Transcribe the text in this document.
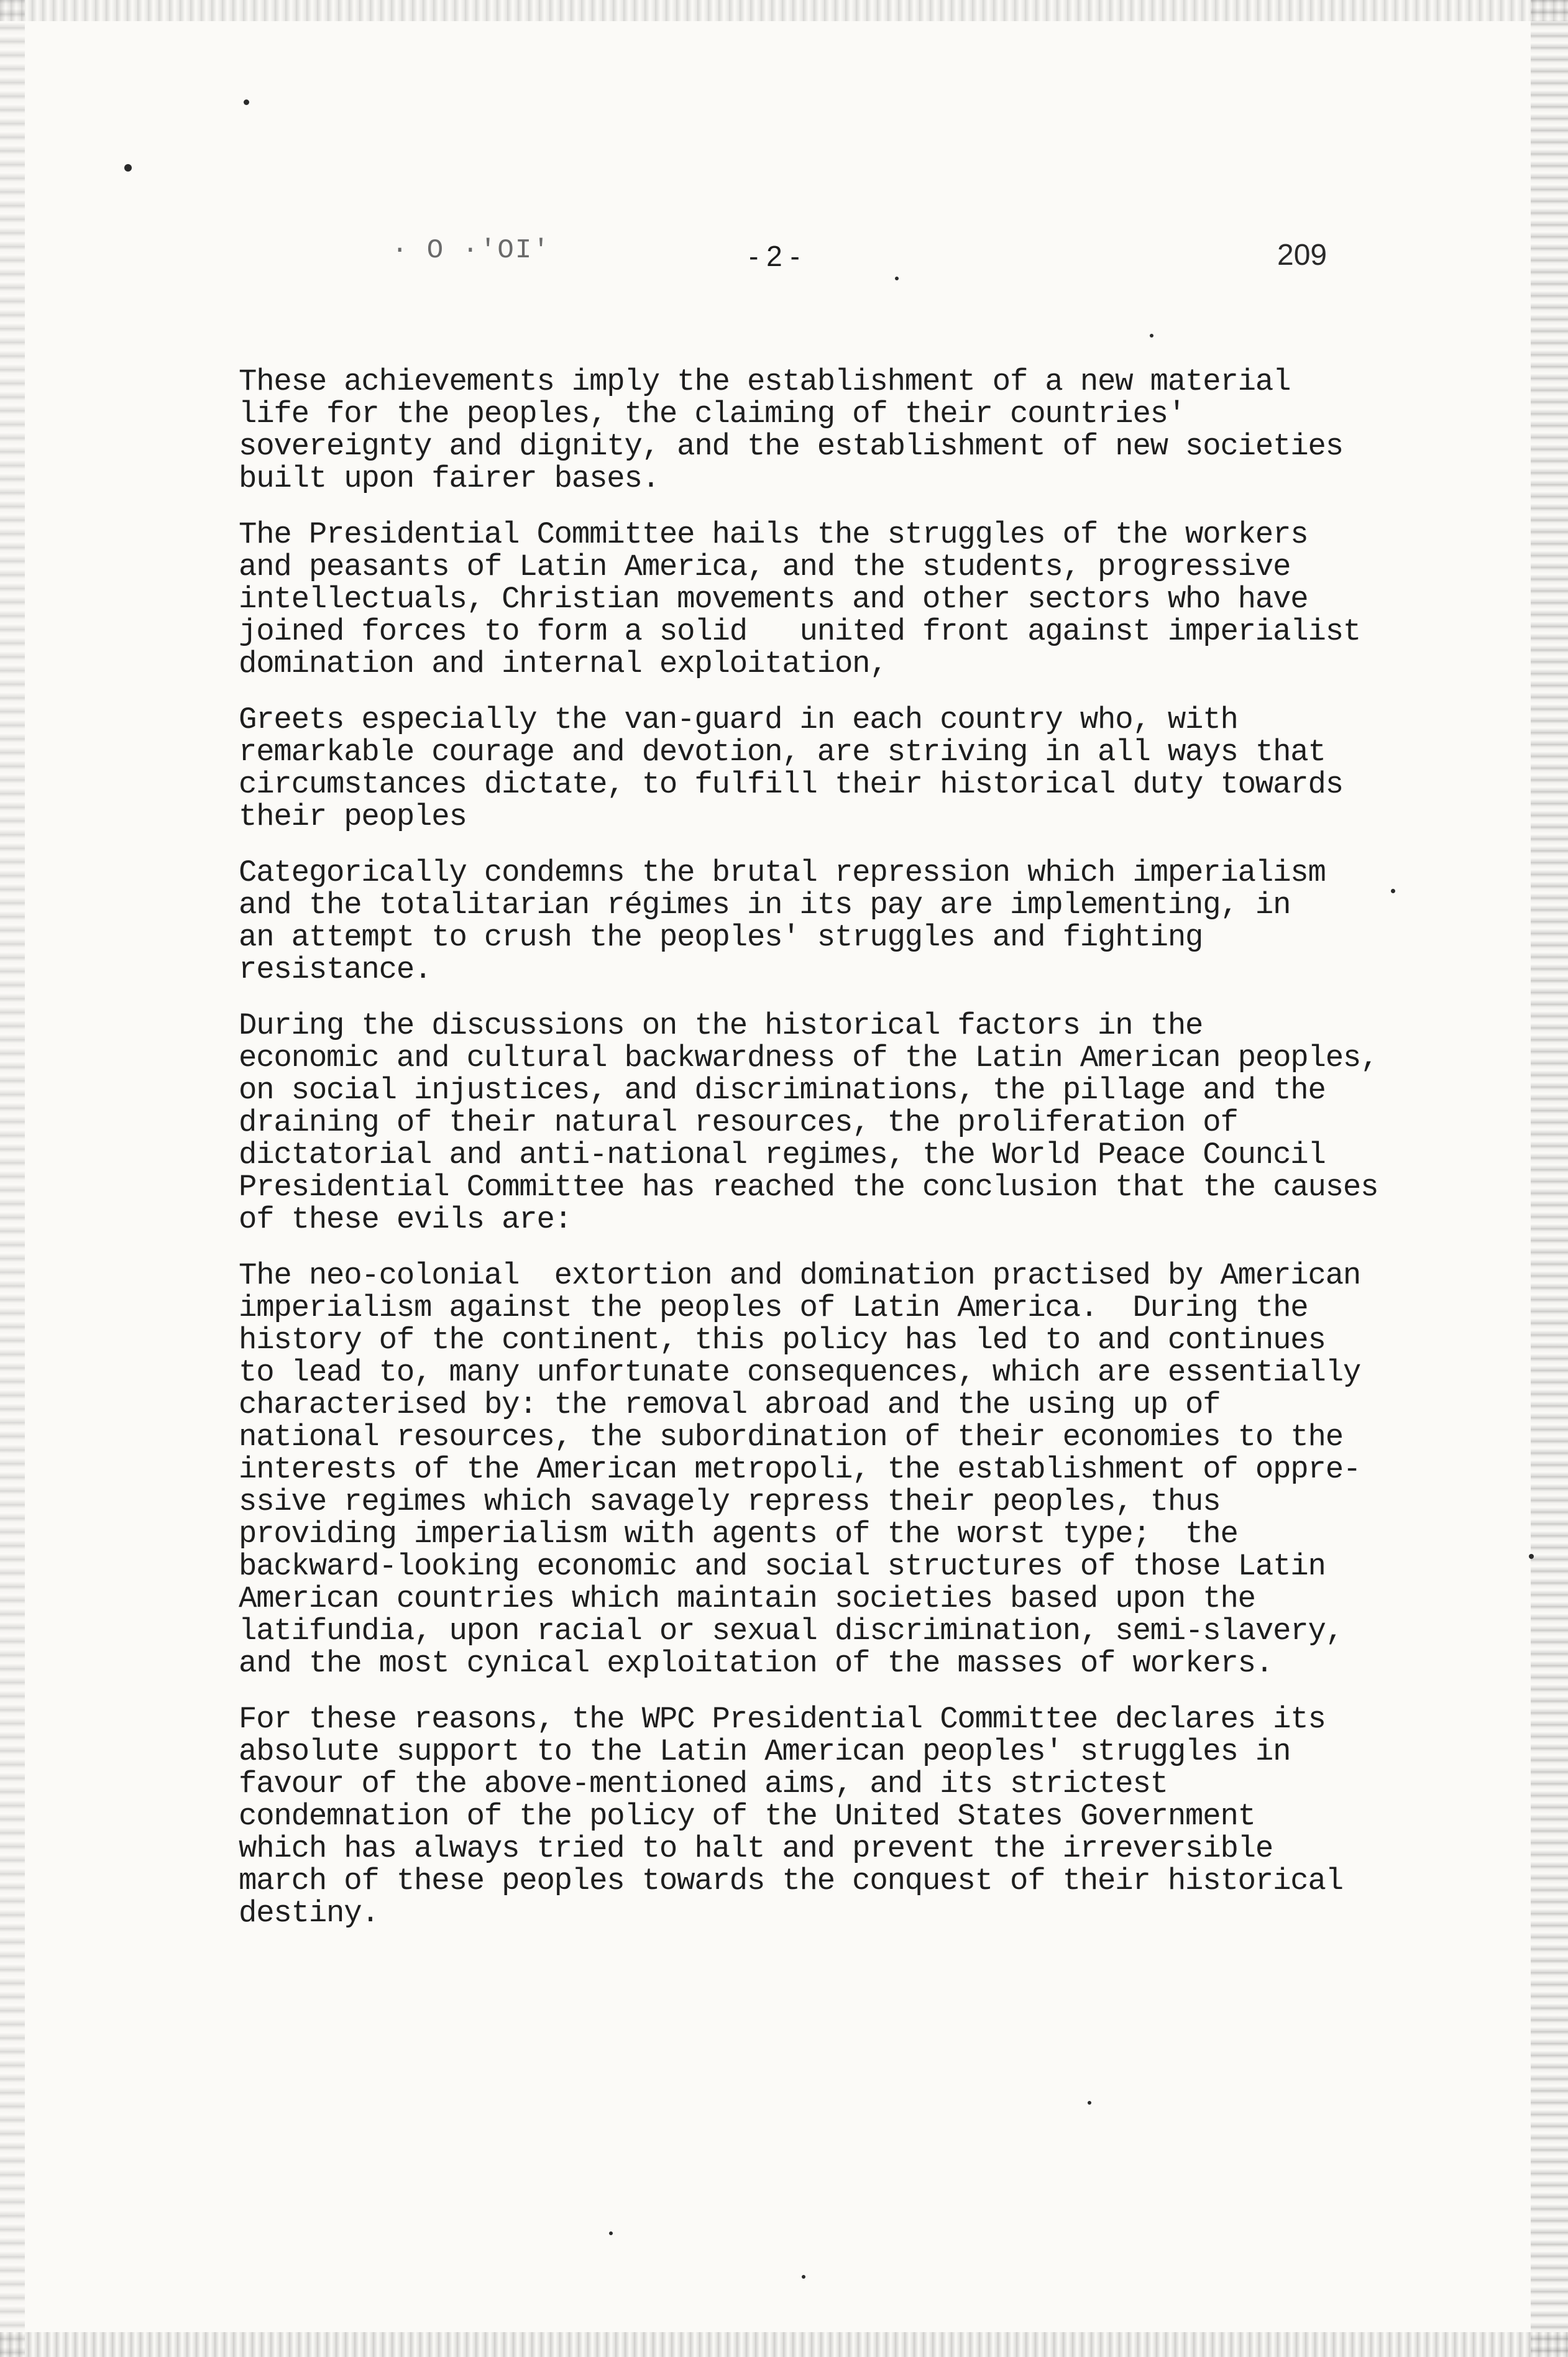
· O ·'OI'	- 2 -	209
These achievements imply the establishment of a new material
life for the peoples, the claiming of their countries'
sovereignty and dignity, and the establishment of new societies
built upon fairer bases.
The Presidential Committee hails the struggles of the workers
and peasants of Latin America, and the students, progressive
intellectuals, Christian movements and other sectors who have
joined forces to form a solid   united front against imperialist
domination and internal exploitation,
Greets especially the van-guard in each country who, with
remarkable courage and devotion, are striving in all ways that
circumstances dictate, to fulfill their historical duty towards
their peoples
Categorically condemns the brutal repression which imperialism
and the totalitarian régimes in its pay are implementing, in
an attempt to crush the peoples' struggles and fighting
resistance.
During the discussions on the historical factors in the
economic and cultural backwardness of the Latin American peoples,
on social injustices, and discriminations, the pillage and the
draining of their natural resources, the proliferation of
dictatorial and anti-national regimes, the World Peace Council
Presidential Committee has reached the conclusion that the causes
of these evils are:
The neo-colonial  extortion and domination practised by American
imperialism against the peoples of Latin America.  During the
history of the continent, this policy has led to and continues
to lead to, many unfortunate consequences, which are essentially
characterised by: the removal abroad and the using up of
national resources, the subordination of their economies to the
interests of the American metropoli, the establishment of oppre-
ssive regimes which savagely repress their peoples, thus
providing imperialism with agents of the worst type;  the
backward-looking economic and social structures of those Latin
American countries which maintain societies based upon the
latifundia, upon racial or sexual discrimination, semi-slavery,
and the most cynical exploitation of the masses of workers.
For these reasons, the WPC Presidential Committee declares its
absolute support to the Latin American peoples' struggles in
favour of the above-mentioned aims, and its strictest
condemnation of the policy of the United States Government
which has always tried to halt and prevent the irreversible
march of these peoples towards the conquest of their historical
destiny.
